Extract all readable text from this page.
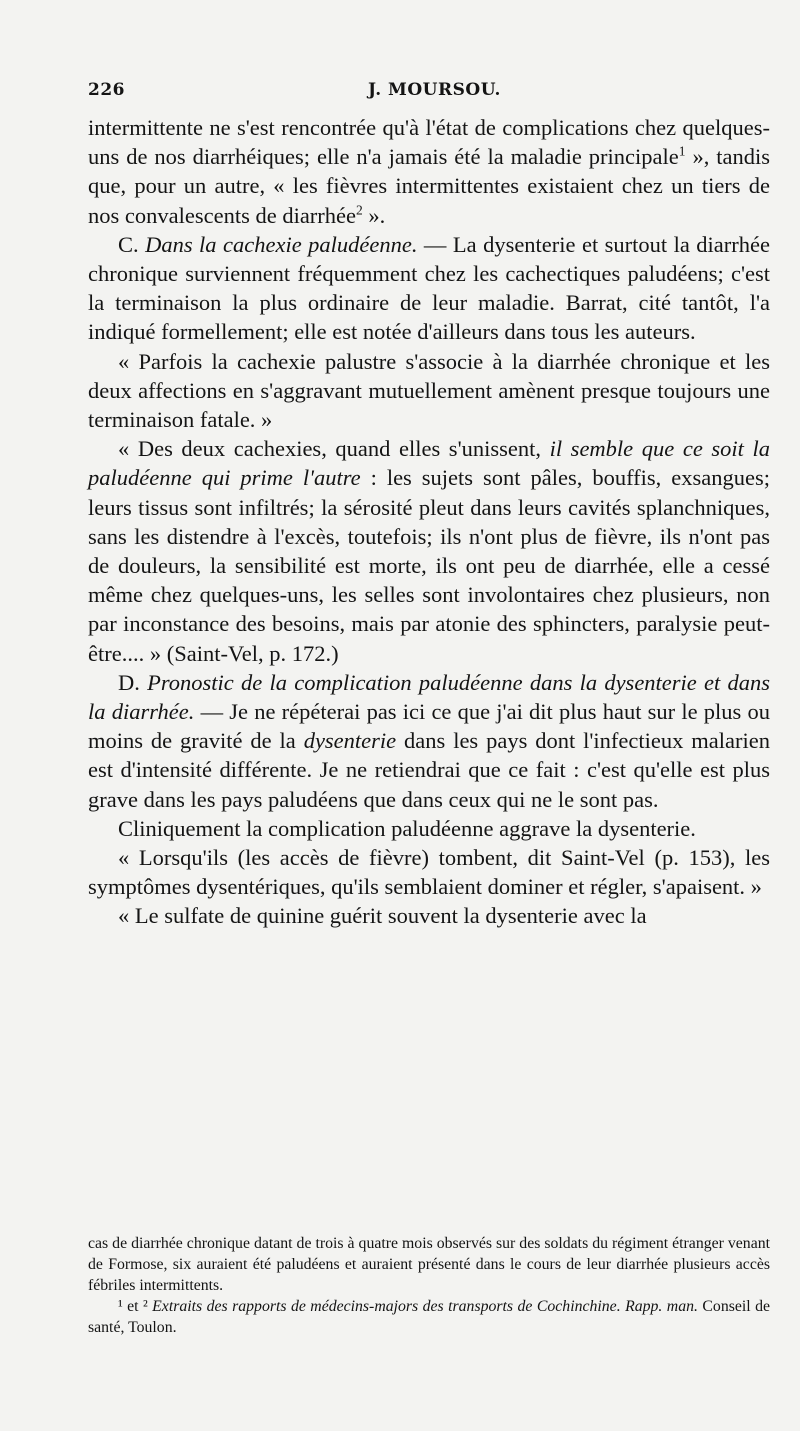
226	J. MOURSOU.

intermittente ne s'est rencontrée qu'à l'état de complications chez quelques-uns de nos diarrhéiques; elle n'a jamais été la maladie principale$^1$ », tandis que, pour un autre, « les fièvres intermittentes existaient chez un tiers de nos convalescents de diarrhée$^2$ ».

C. Dans la cachexie paludéenne. — La dysenterie et surtout la diarrhée chronique surviennent fréquemment chez les cachectiques paludéens; c'est la terminaison la plus ordinaire de leur maladie. Barrat, cité tantôt, l'a indiqué formellement; elle est notée d'ailleurs dans tous les auteurs.

« Parfois la cachexie palustre s'associe à la diarrhée chronique et les deux affections en s'aggravant mutuellement amènent presque toujours une terminaison fatale. »

« Des deux cachexies, quand elles s'unissent, il semble que ce soit la paludéenne qui prime l'autre : les sujets sont pâles, bouffis, exsangues; leurs tissus sont infiltrés; la sérosité pleut dans leurs cavités splanchniques, sans les distendre à l'excès, toutefois; ils n'ont plus de fièvre, ils n'ont pas de douleurs, la sensibilité est morte, ils ont peu de diarrhée, elle a cessé même chez quelques-uns, les selles sont involontaires chez plusieurs, non par inconstance des besoins, mais par atonie des sphincters, paralysie peut-être.... » (Saint-Vel, p. 172.)

D. Pronostic de la complication paludéenne dans la dysenterie et dans la diarrhée. — Je ne répéterai pas ici ce que j'ai dit plus haut sur le plus ou moins de gravité de la dysenterie dans les pays dont l'infectieux malarien est d'intensité différente. Je ne retiendrai que ce fait : c'est qu'elle est plus grave dans les pays paludéens que dans ceux qui ne le sont pas.

Cliniquement la complication paludéenne aggrave la dysenterie.

« Lorsqu'ils (les accès de fièvre) tombent, dit Saint-Vel (p. 153), les symptômes dysentériques, qu'ils semblaient dominer et régler, s'apaisent. »

« Le sulfate de quinine guérit souvent la dysenterie avec la

cas de diarrhée chronique datant de trois à quatre mois observés sur des soldats du régiment étranger venant de Formose, six auraient été paludéens et auraient présenté dans le cours de leur diarrhée plusieurs accès fébriles intermittents.

¹ et ² Extraits des rapports de médecins-majors des transports de Cochinchine. Rapp. man. Conseil de santé, Toulon.
